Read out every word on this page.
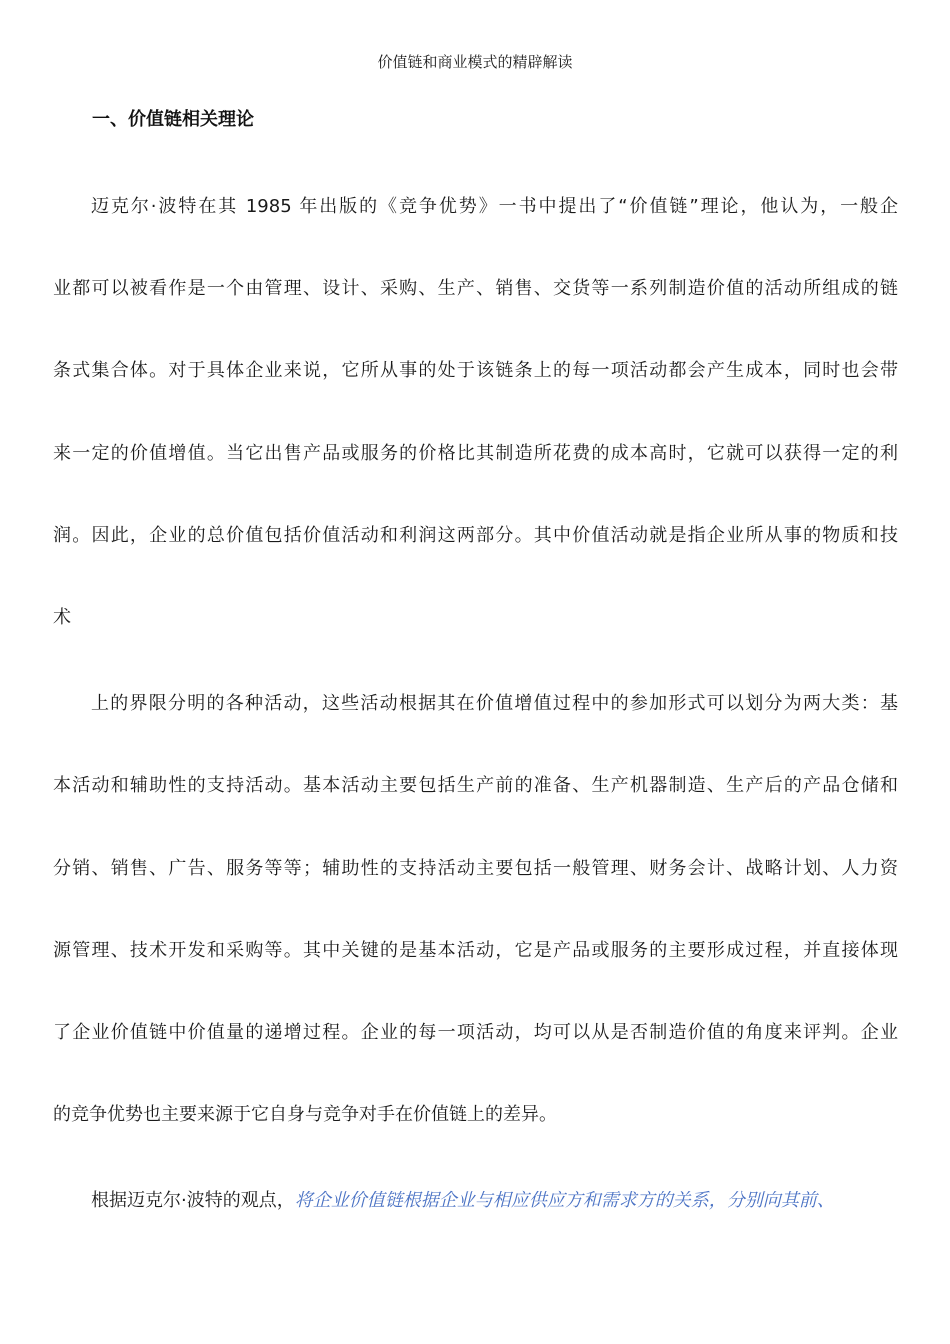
价值链和商业模式的精辟解读
一、价值链相关理论
迈克尔·波特在其 1985 年出版的《竞争优势》一书中提出了“价值链”理论，他认为，一般企
业都可以被看作是一个由管理、设计、采购、生产、销售、交货等一系列制造价值的活动所组成的链
条式集合体。对于具体企业来说，它所从事的处于该链条上的每一项活动都会产生成本，同时也会带
来一定的价值增值。当它出售产品或服务的价格比其制造所花费的成本高时，它就可以获得一定的利
润。因此，企业的总价值包括价值活动和利润这两部分。其中价值活动就是指企业所从事的物质和技
术
上的界限分明的各种活动，这些活动根据其在价值增值过程中的参加形式可以划分为两大类：基
本活动和辅助性的支持活动。基本活动主要包括生产前的准备、生产机器制造、生产后的产品仓储和
分销、销售、广告、服务等等；辅助性的支持活动主要包括一般管理、财务会计、战略计划、人力资
源管理、技术开发和采购等。其中关键的是基本活动，它是产品或服务的主要形成过程，并直接体现
了企业价值链中价值量的递增过程。企业的每一项活动，均可以从是否制造价值的角度来评判。企业
的竞争优势也主要来源于它自身与竞争对手在价值链上的差异。
根据迈克尔·波特的观点，将企业价值链根据企业与相应供应方和需求方的关系，分别向其前、
